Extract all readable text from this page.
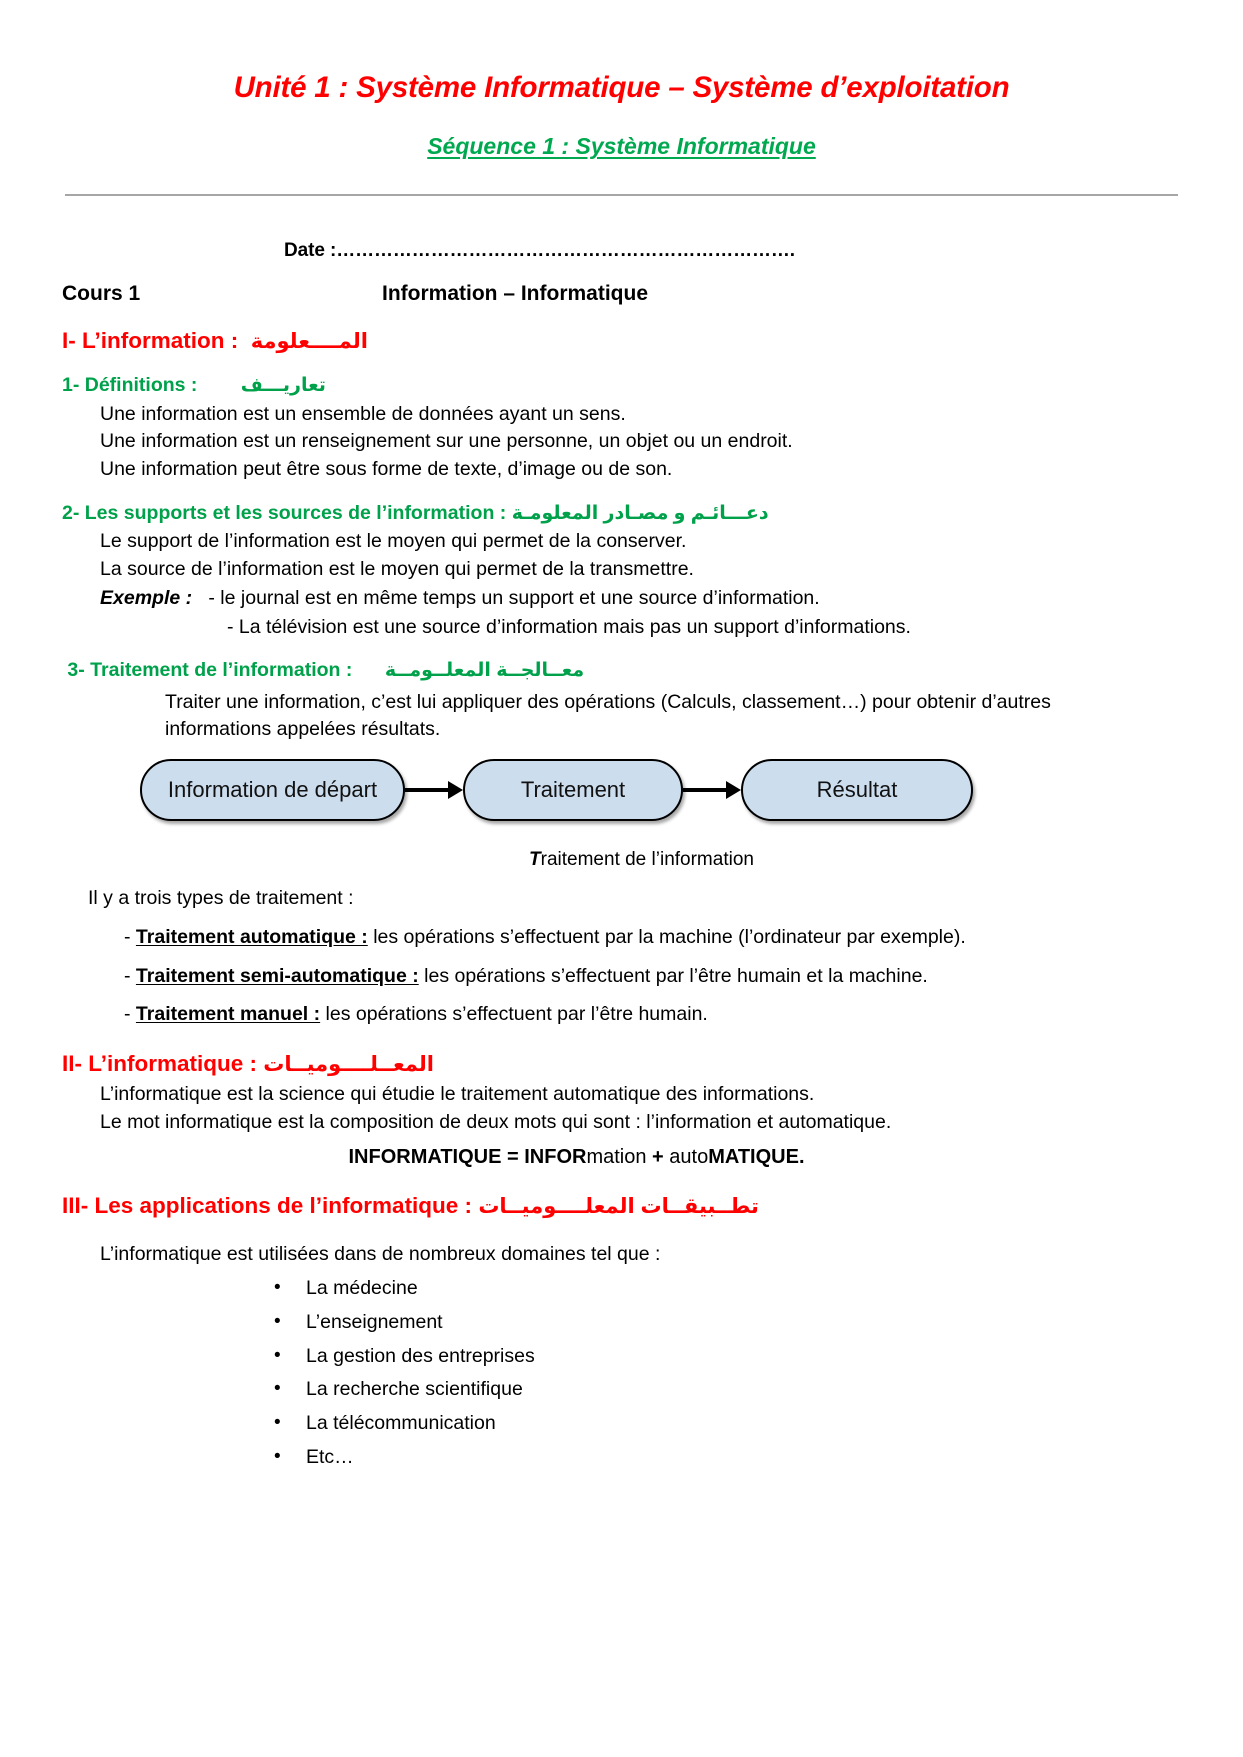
Unité 1 : Système Informatique – Système d’exploitation
Séquence 1 : Système Informatique
Date :……………………………………………………………….
Cours 1	Information – Informatique
I- L’information : المــــعلومة
1- Définitions : تعاريـــف
Une information est un ensemble de données ayant un sens.
Une information est un renseignement sur une personne, un objet ou un endroit.
Une information peut être sous forme de texte, d’image ou de son.
2- Les supports et les sources de l’information : دعـــائـم و مصـادر المعلومـة
Le support de l’information est le moyen qui permet de la conserver.
La source de l’information est le moyen qui permet de la transmettre.
Exemple : - le journal est en même temps un support et une source d’information.
- La télévision est une source d’information mais pas un support d’informations.
3- Traitement de l’information : معــالجــة المعلــومــة
Traiter une information, c’est lui appliquer des opérations (Calculs, classement…) pour obtenir d’autres informations appelées résultats.
Information de départ	Traitement	Résultat
Traitement de l’information
Il y a trois types de traitement :
- Traitement automatique : les opérations s’effectuent par la machine (l’ordinateur par exemple).
- Traitement semi-automatique : les opérations s’effectuent par l’être humain et la machine.
- Traitement manuel : les opérations s’effectuent par l’être humain.
II- L’informatique : المعــلــــوميــات
L’informatique est la science qui étudie le traitement automatique des informations.
Le mot informatique est la composition de deux mots qui sont : l’information et automatique.
INFORMATIQUE = INFORmation + autoMATIQUE.
III- Les applications de l’informatique : تطــبيقــات المعلــــوميــات
L’informatique est utilisées dans de nombreux domaines tel que :
• La médecine
• L’enseignement
• La gestion des entreprises
• La recherche scientifique
• La télécommunication
• Etc…
